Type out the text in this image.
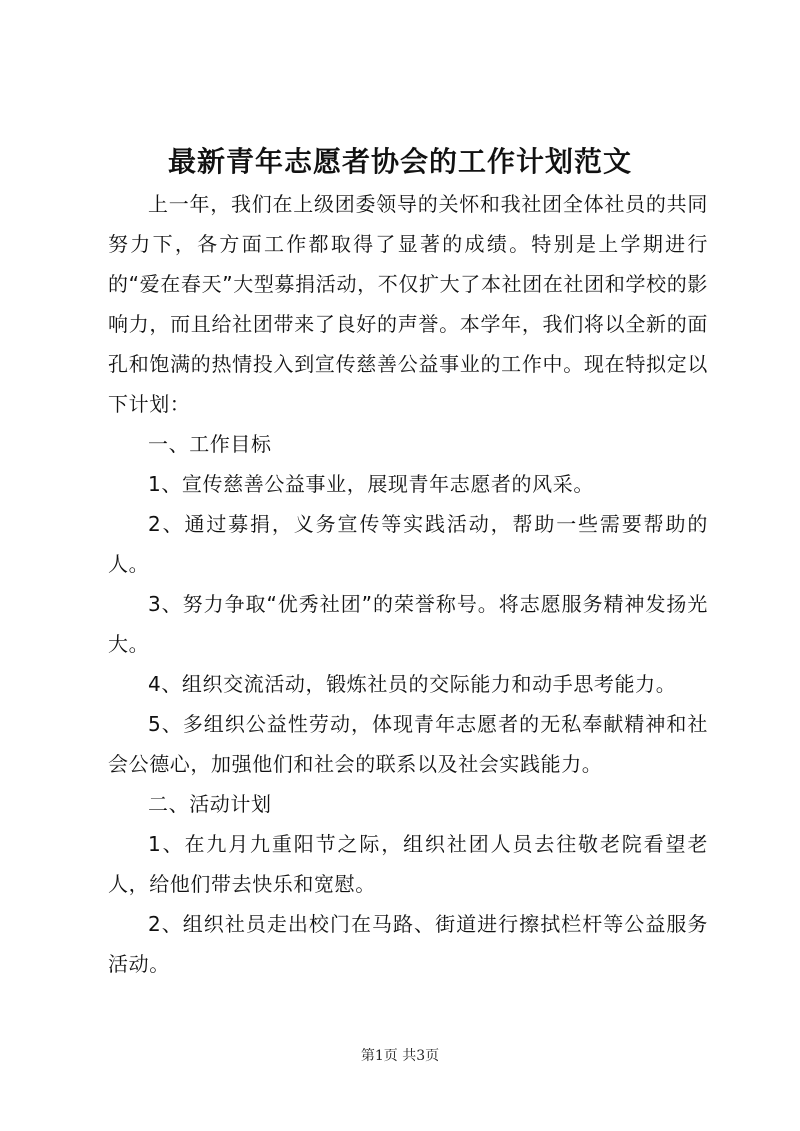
最新青年志愿者协会的工作计划范文

上一年，我们在上级团委领导的关怀和我社团全体社员的共同努力下，各方面工作都取得了显著的成绩。特别是上学期进行的“爱在春天”大型募捐活动，不仅扩大了本社团在社团和学校的影响力，而且给社团带来了良好的声誉。本学年，我们将以全新的面孔和饱满的热情投入到宣传慈善公益事业的工作中。现在特拟定以下计划：

一、工作目标

1、宣传慈善公益事业，展现青年志愿者的风采。

2、通过募捐，义务宣传等实践活动，帮助一些需要帮助的人。

3、努力争取“优秀社团”的荣誉称号。将志愿服务精神发扬光大。

4、组织交流活动，锻炼社员的交际能力和动手思考能力。

5、多组织公益性劳动，体现青年志愿者的无私奉献精神和社会公德心，加强他们和社会的联系以及社会实践能力。

二、活动计划

1、在九月九重阳节之际，组织社团人员去往敬老院看望老人，给他们带去快乐和宽慰。

2、组织社员走出校门在马路、街道进行擦拭栏杆等公益服务活动。

第1页 共3页
